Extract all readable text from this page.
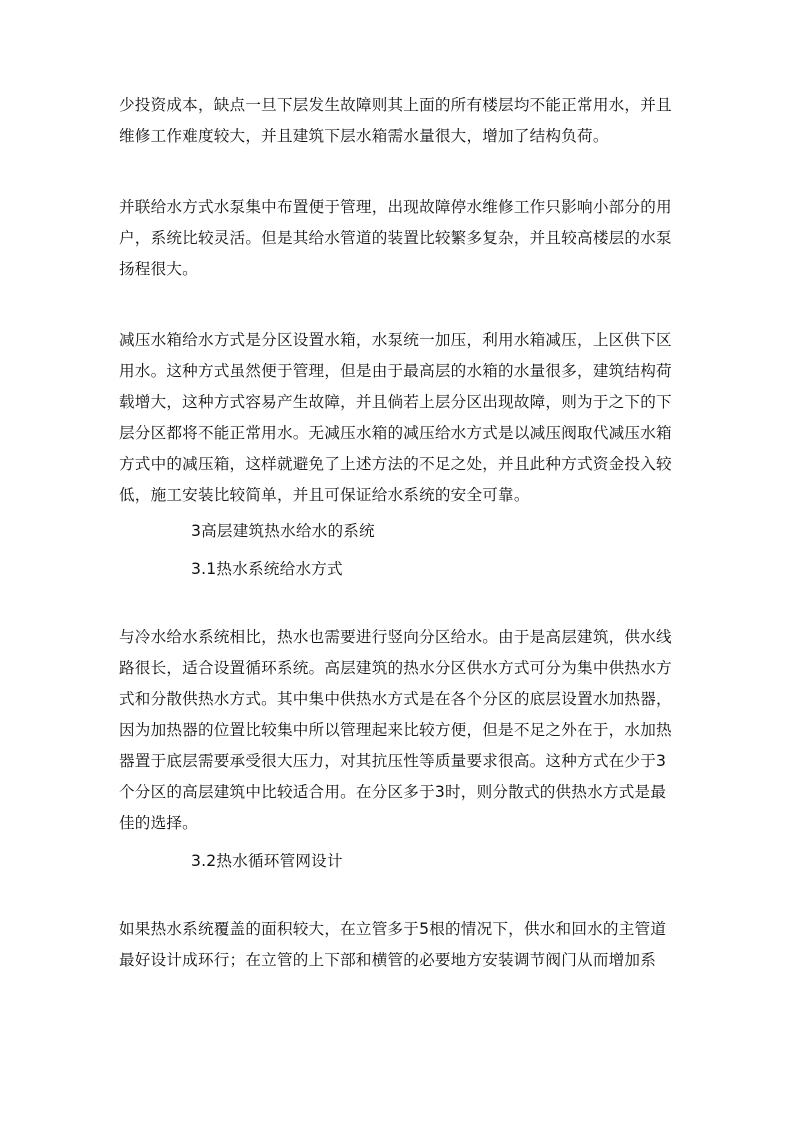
少投资成本，缺点一旦下层发生故障则其上面的所有楼层均不能正常用水，并且维修工作难度较大，并且建筑下层水箱需水量很大，增加了结构负荷。

并联给水方式水泵集中布置便于管理，出现故障停水维修工作只影响小部分的用户，系统比较灵活。但是其给水管道的装置比较繁多复杂，并且较高楼层的水泵扬程很大。

减压水箱给水方式是分区设置水箱，水泵统一加压，利用水箱减压，上区供下区用水。这种方式虽然便于管理，但是由于最高层的水箱的水量很多，建筑结构荷载增大，这种方式容易产生故障，并且倘若上层分区出现故障，则为于之下的下层分区都将不能正常用水。无减压水箱的减压给水方式是以减压阀取代减压水箱方式中的减压箱，这样就避免了上述方法的不足之处，并且此种方式资金投入较低，施工安装比较简单，并且可保证给水系统的安全可靠。

3高层建筑热水给水的系统

3.1热水系统给水方式

与冷水给水系统相比，热水也需要进行竖向分区给水。由于是高层建筑，供水线路很长，适合设置循环系统。高层建筑的热水分区供水方式可分为集中供热水方式和分散供热水方式。其中集中供热水方式是在各个分区的底层设置水加热器，因为加热器的位置比较集中所以管理起来比较方便，但是不足之外在于，水加热器置于底层需要承受很大压力，对其抗压性等质量要求很高。这种方式在少于3个分区的高层建筑中比较适合用。在分区多于3时，则分散式的供热水方式是最佳的选择。

3.2热水循环管网设计

如果热水系统覆盖的面积较大，在立管多于5根的情况下，供水和回水的主管道最好设计成环行；在立管的上下部和横管的必要地方安装调节阀门从而增加系
